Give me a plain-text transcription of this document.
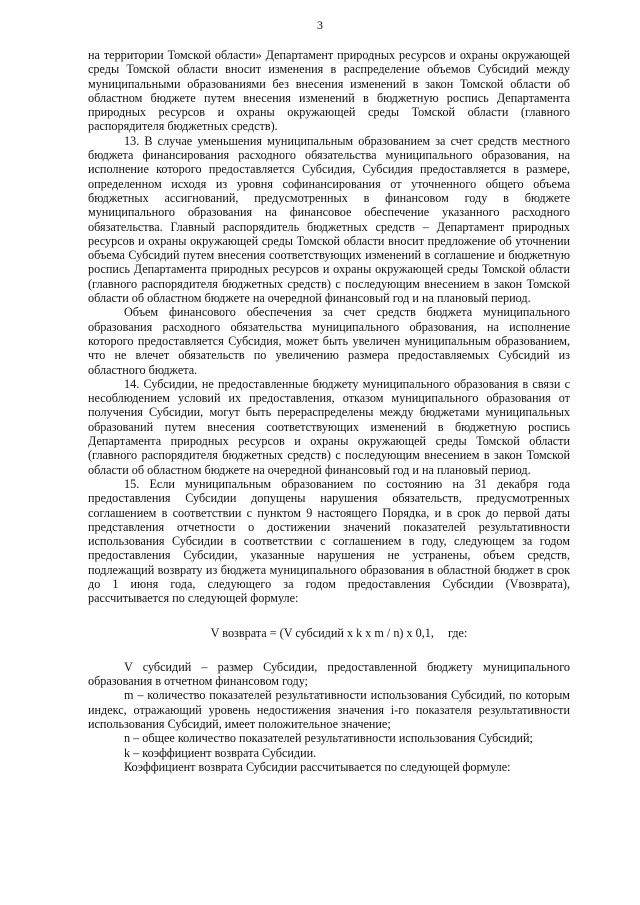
3

на территории Томской области» Департамент природных ресурсов и охраны окружающей среды Томской области вносит изменения в распределение объемов Субсидий между муниципальными образованиями без внесения изменений в закон Томской области об областном бюджете путем внесения изменений в бюджетную роспись Департамента природных ресурсов и охраны окружающей среды Томской области (главного распорядителя бюджетных средств).

13. В случае уменьшения муниципальным образованием за счет средств местного бюджета финансирования расходного обязательства муниципального образования, на исполнение которого предоставляется Субсидия, Субсидия предоставляется в размере, определенном исходя из уровня софинансирования от уточненного общего объема бюджетных ассигнований, предусмотренных в финансовом году в бюджете муниципального образования на финансовое обеспечение указанного расходного обязательства. Главный распорядитель бюджетных средств – Департамент природных ресурсов и охраны окружающей среды Томской области вносит предложение об уточнении объема Субсидий путем внесения соответствующих изменений в соглашение и бюджетную роспись Департамента природных ресурсов и охраны окружающей среды Томской области (главного распорядителя бюджетных средств) с последующим внесением в закон Томской области об областном бюджете на очередной финансовый год и на плановый период.

Объем финансового обеспечения за счет средств бюджета муниципального образования расходного обязательства муниципального образования, на исполнение которого предоставляется Субсидия, может быть увеличен муниципальным образованием, что не влечет обязательств по увеличению размера предоставляемых Субсидий из областного бюджета.

14. Субсидии, не предоставленные бюджету муниципального образования в связи с несоблюдением условий их предоставления, отказом муниципального образования от получения Субсидии, могут быть перераспределены между бюджетами муниципальных образований путем внесения соответствующих изменений в бюджетную роспись Департамента природных ресурсов и охраны окружающей среды Томской области (главного распорядителя бюджетных средств) с последующим внесением в закон Томской области об областном бюджете на очередной финансовый год и на плановый период.

15. Если муниципальным образованием по состоянию на 31 декабря года предоставления Субсидии допущены нарушения обязательств, предусмотренных соглашением в соответствии с пунктом 9 настоящего Порядка, и в срок до первой даты представления отчетности о достижении значений показателей результативности использования Субсидии в соответствии с соглашением в году, следующем за годом предоставления Субсидии, указанные нарушения не устранены, объем средств, подлежащий возврату из бюджета муниципального образования в областной бюджет в срок до 1 июня года, следующего за годом предоставления Субсидии (Vвозврата), рассчитывается по следующей формуле:

V возврата = (V субсидий x k x m / n) x 0,1, где:

V субсидий – размер Субсидии, предоставленной бюджету муниципального образования в отчетном финансовом году;

m – количество показателей результативности использования Субсидий, по которым индекс, отражающий уровень недостижения значения i-го показателя результативности использования Субсидий, имеет положительное значение;

n – общее количество показателей результативности использования Субсидий;

k – коэффициент возврата Субсидии.

Коэффициент возврата Субсидии рассчитывается по следующей формуле:
